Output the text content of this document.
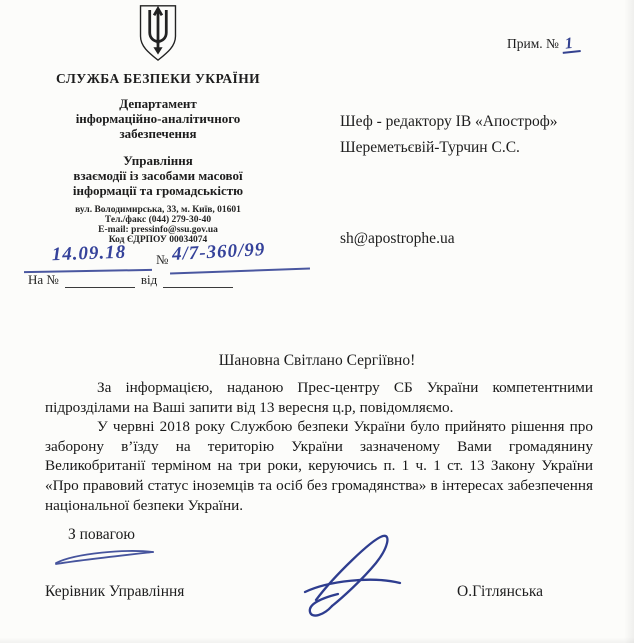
СЛУЖБА БЕЗПЕКИ УКРАЇНИ
Департамент
інформаційно-аналітичного
забезпечення
Управління
взаємодії із засобами масової
інформації та громадськістю
вул. Володимирська, 33, м. Київ, 01601
Тел./факс (044) 279-30-40
E-mail: pressinfo@ssu.gov.ua
Код ЄДРПОУ 00034074
Прим. № 1
14.09.18	№ 4/7-360/99
На №	від
Шеф - редактору ІВ «Апостроф»
Шереметьєвій-Турчин С.С.
sh@apostrophe.ua
Шановна Світлано Сергіївно!

За інформацією, наданою Прес-центру СБ України компетентними підрозділами на Ваші запити від 13 вересня ц.р, повідомляємо.

У червні 2018 року Службою безпеки України було прийнято рішення про заборону в’їзду на територію України зазначеному Вами громадянину Великобританії терміном на три роки, керуючись п. 1 ч. 1 ст. 13 Закону України «Про правовий статус іноземців та осіб без громадянства» в інтересах забезпечення національної безпеки України.

З повагою
Керівник Управління	О.Гітлянська
